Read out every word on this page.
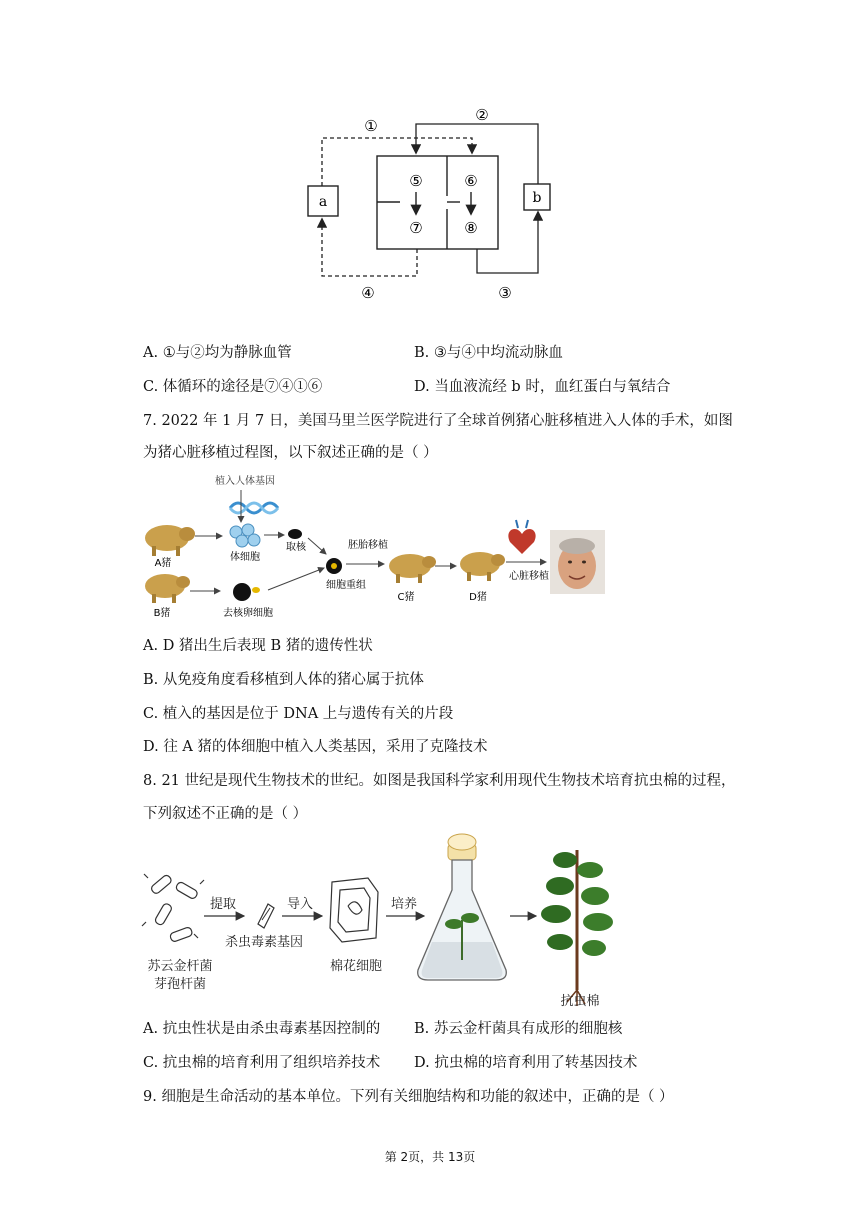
①
②
③
④
⑤	⑥
⑦	⑧
a	b
A. ①与②均为静脉血管	B. ③与④中均流动脉血
C. 体循环的途径是⑦④①⑥	D. 当血液流经 b 时，血红蛋白与氧结合
7. 2022 年 1 月 7 日，美国马里兰医学院进行了全球首例猪心脏移植进入人体的手术，如图
为猪心脏移植过程图，以下叙述正确的是（ ）
植入人体基因
A猪
体细胞
取核
B猪	去核卵细胞
细胞重组
胚胎移植
C猪	D猪
心脏移植
A. D 猪出生后表现 B 猪的遗传性状
B. 从免疫角度看移植到人体的猪心属于抗体
C. 植入的基因是位于 DNA 上与遗传有关的片段
D. 往 A 猪的体细胞中植入人类基因，采用了克隆技术
8. 21 世纪是现代生物技术的世纪。如图是我国科学家利用现代生物技术培育抗虫棉的过程，
下列叙述不正确的是（ ）
苏云金杆菌
芽孢杆菌
提取
杀虫毒素基因
导入
棉花细胞
培养
抗虫棉
A. 抗虫性状是由杀虫毒素基因控制的 B. 苏云金杆菌具有成形的细胞核
C. 抗虫棉的培育利用了组织培养技术 D. 抗虫棉的培育利用了转基因技术
9. 细胞是生命活动的基本单位。下列有关细胞结构和功能的叙述中，正确的是（ ）
第 2页，共 13页
